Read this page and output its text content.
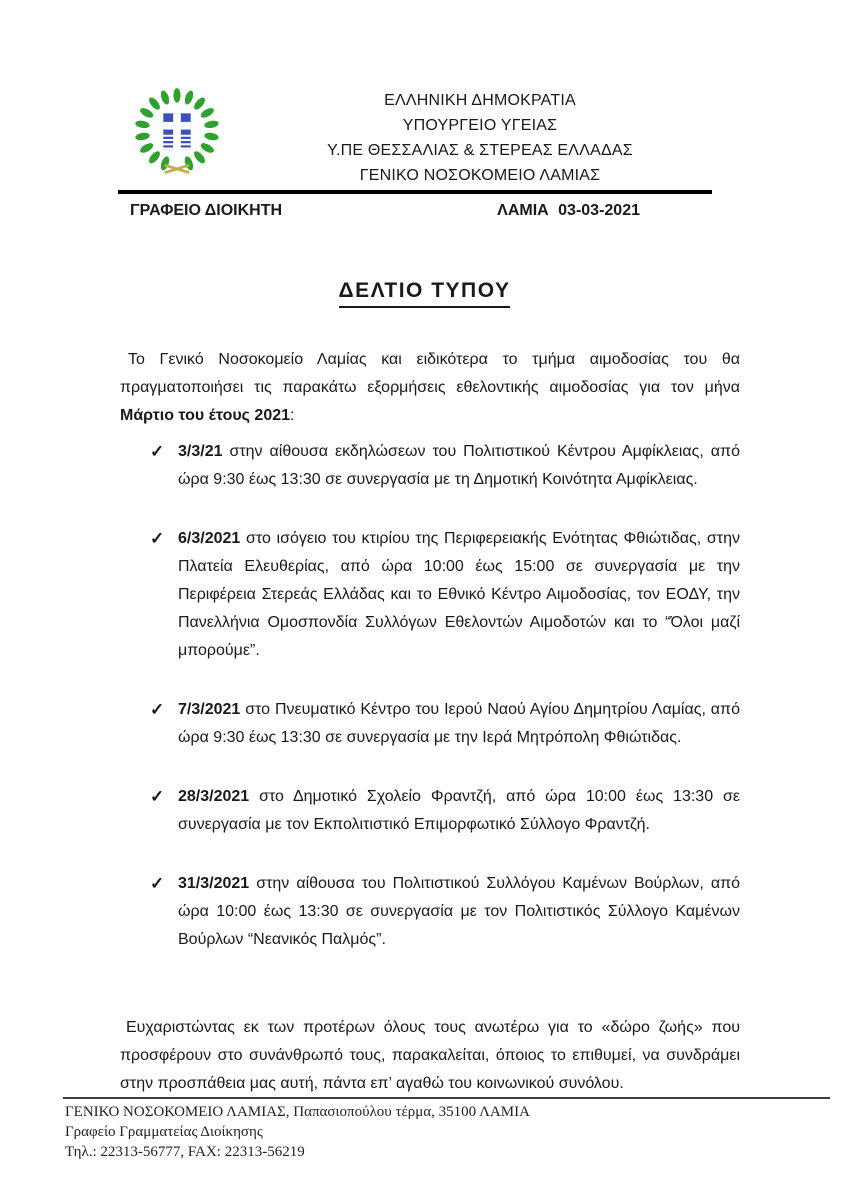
ΕΛΛΗΝΙΚΗ ΔΗΜΟΚΡΑΤΙΑ
ΥΠΟΥΡΓΕΙΟ ΥΓΕΙΑΣ
Υ.ΠΕ ΘΕΣΣΑΛΙΑΣ & ΣΤΕΡΕΑΣ ΕΛΛΑΔΑΣ
ΓΕΝΙΚΟ ΝΟΣΟΚΟΜΕΙΟ ΛΑΜΙΑΣ
ΓΡΑΦΕΙΟ ΔΙΟΙΚΗΤΗ	ΛΑΜΙΑ 03-03-2021
ΔΕΛΤΙΟ ΤΥΠΟΥ

Το Γενικό Νοσοκομείο Λαμίας και ειδικότερα το τμήμα αιμοδοσίας του θα πραγματοποιήσει τις παρακάτω εξορμήσεις εθελοντικής αιμοδοσίας για τον μήνα Μάρτιο του έτους 2021:

✓ 3/3/21 στην αίθουσα εκδηλώσεων του Πολιτιστικού Κέντρου Αμφίκλειας, από ώρα 9:30 έως 13:30 σε συνεργασία με τη Δημοτική Κοινότητα Αμφίκλειας.
✓ 6/3/2021 στο ισόγειο του κτιρίου της Περιφερειακής Ενότητας Φθιώτιδας, στην Πλατεία Ελευθερίας, από ώρα 10:00 έως 15:00 σε συνεργασία με την Περιφέρεια Στερεάς Ελλάδας και το Εθνικό Κέντρο Αιμοδοσίας, τον ΕΟΔΥ, την Πανελλήνια Ομοσπονδία Συλλόγων Εθελοντών Αιμοδοτών και το “Όλοι μαζί μπορούμε”.
✓ 7/3/2021 στο Πνευματικό Κέντρο του Ιερού Ναού Αγίου Δημητρίου Λαμίας, από ώρα 9:30 έως 13:30 σε συνεργασία με την Ιερά Μητρόπολη Φθιώτιδας.
✓ 28/3/2021 στο Δημοτικό Σχολείο Φραντζή, από ώρα 10:00 έως 13:30 σε συνεργασία με τον Εκπολιτιστικό Επιμορφωτικό Σύλλογο Φραντζή.
✓ 31/3/2021 στην αίθουσα του Πολιτιστικού Συλλόγου Καμένων Βούρλων, από ώρα 10:00 έως 13:30 σε συνεργασία με τον Πολιτιστικός Σύλλογο Καμένων Βούρλων “Νεανικός Παλμός”.

Ευχαριστώντας εκ των προτέρων όλους τους ανωτέρω για το «δώρο ζωής» που προσφέρουν στο συνάνθρωπό τους, παρακαλείται, όποιος το επιθυμεί, να συνδράμει στην προσπάθεια μας αυτή, πάντα επ’ αγαθώ του κοινωνικού συνόλου.

ΓΕΝΙΚΟ ΝΟΣΟΚΟΜΕΙΟ ΛΑΜΙΑΣ, Παπασιοπούλου τέρμα, 35100 ΛΑΜΙΑ
Γραφείο Γραμματείας Διοίκησης
Τηλ.: 22313-56777, FAX: 22313-56219
